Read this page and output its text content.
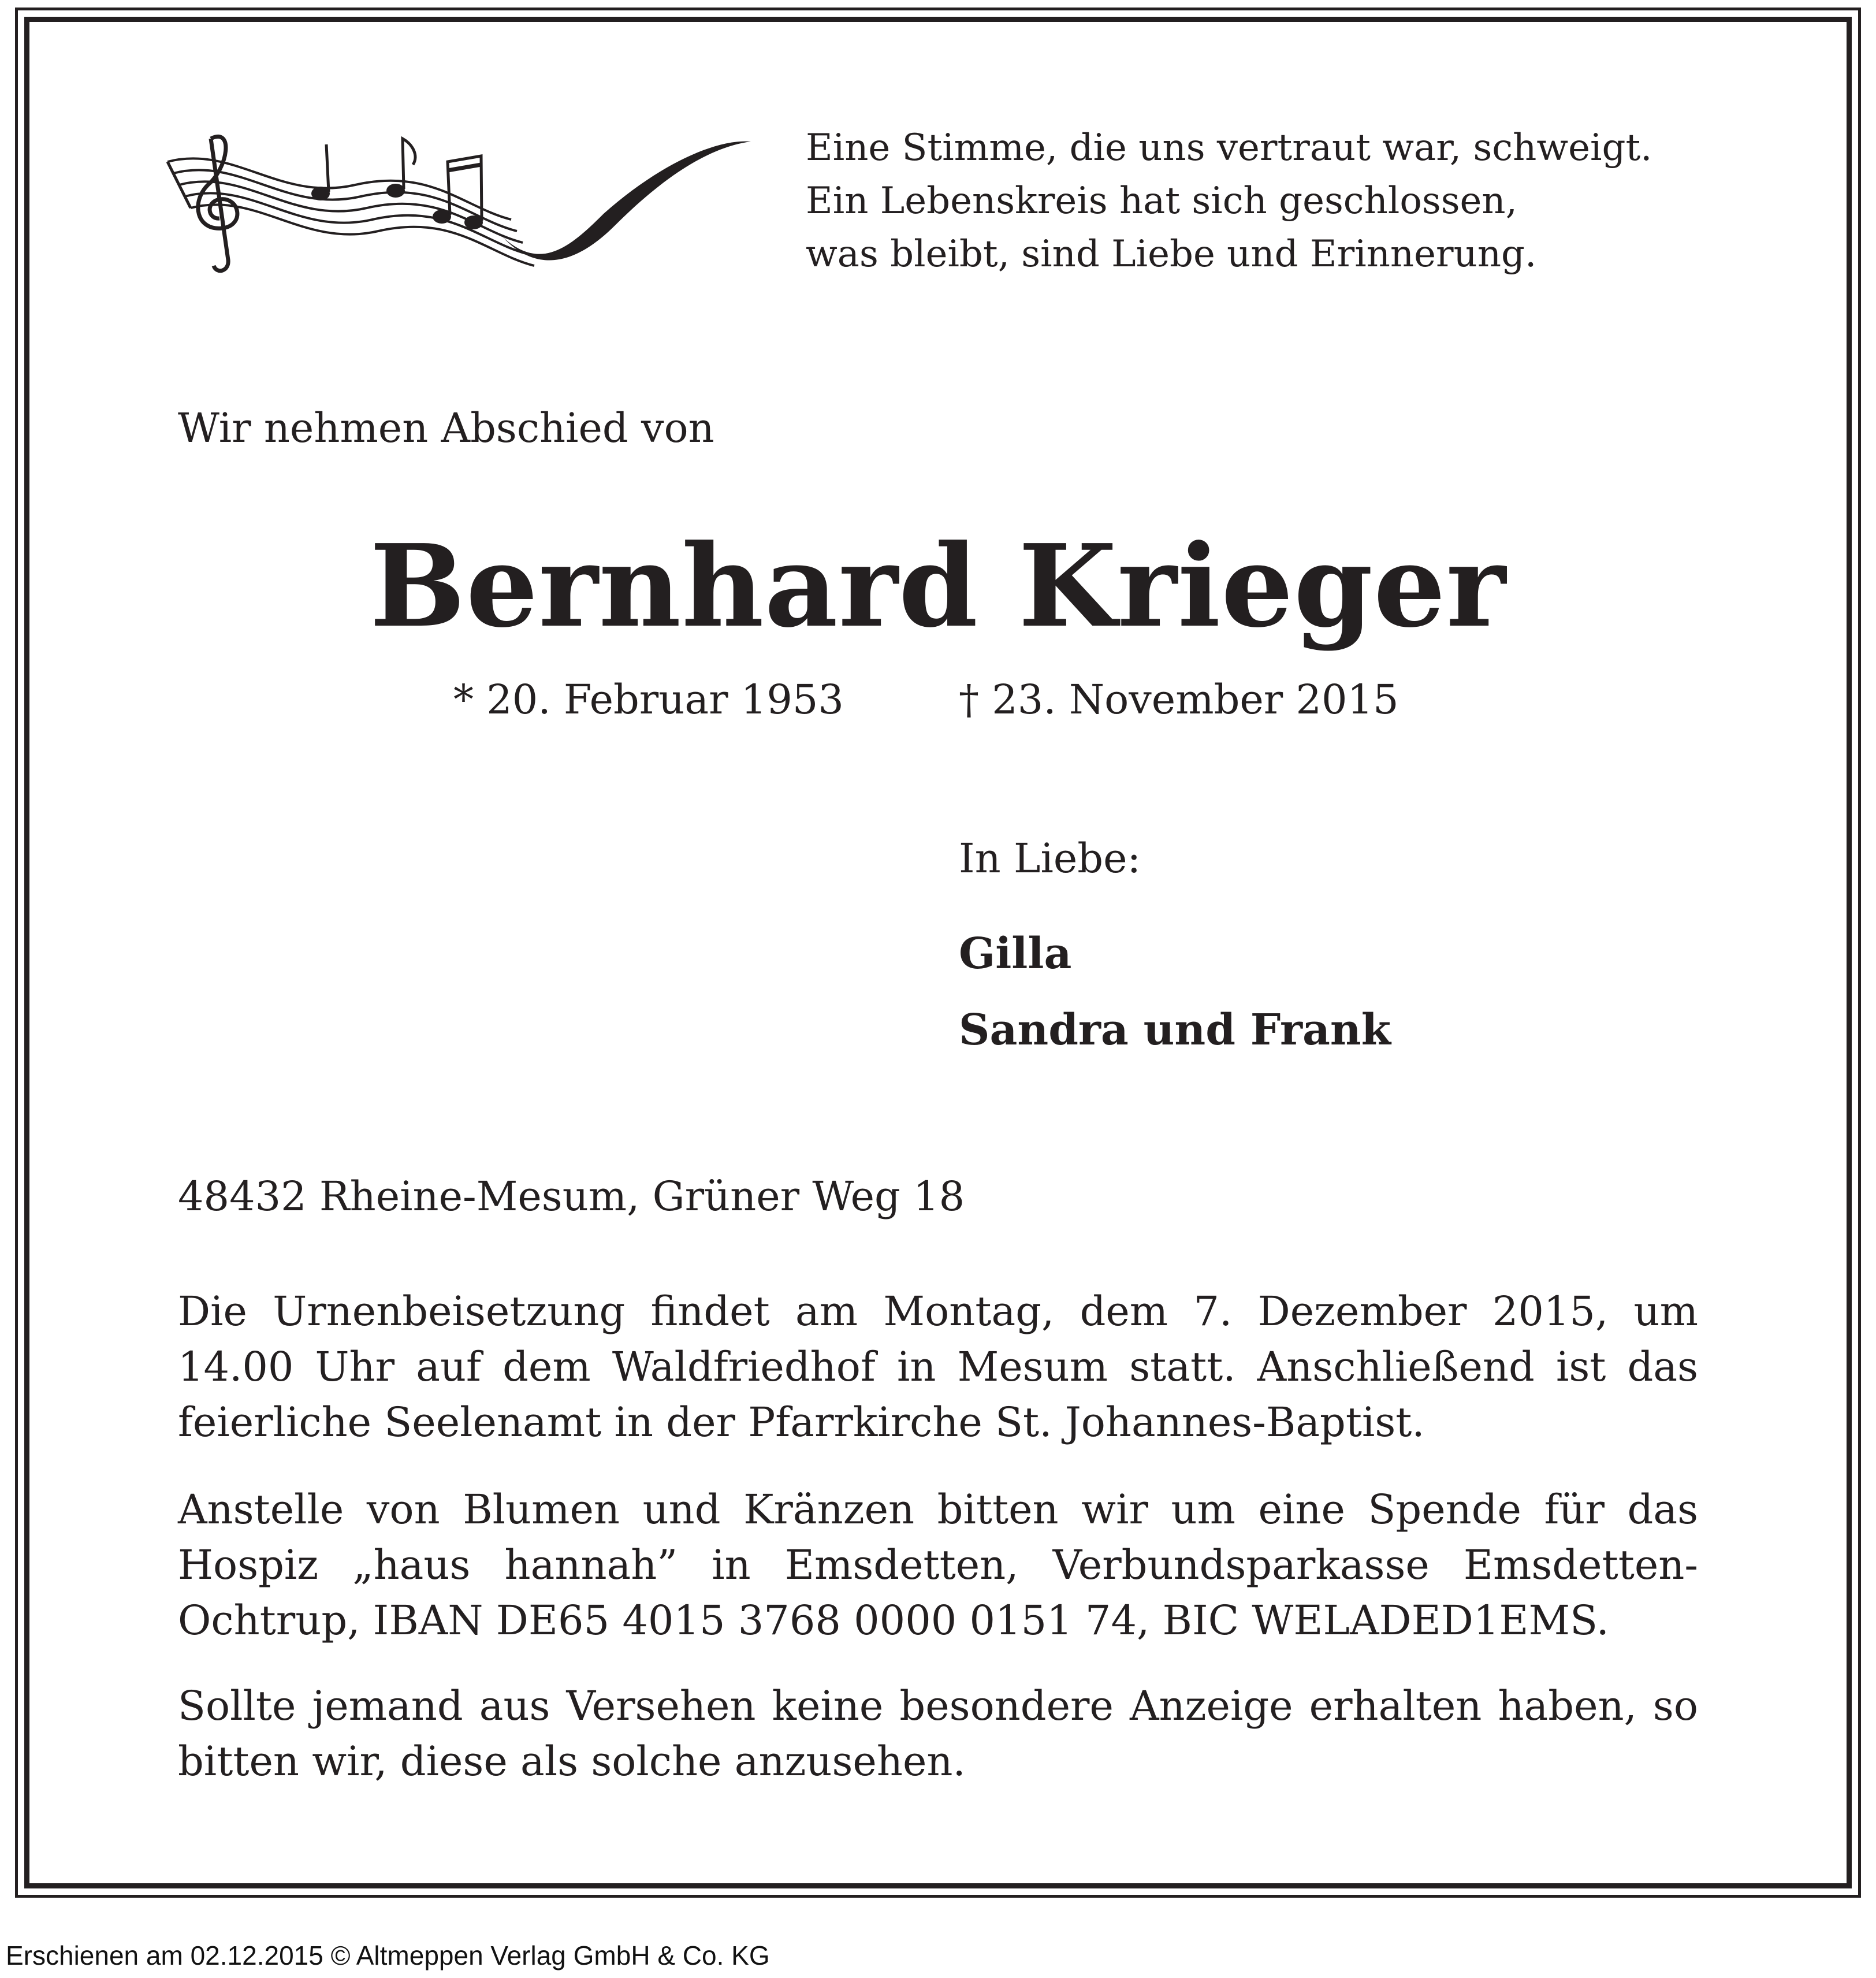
Eine Stimme, die uns vertraut war, schweigt.
Ein Lebenskreis hat sich geschlossen,
was bleibt, sind Liebe und Erinnerung.
Wir nehmen Abschied von
Bernhard Krieger
* 20. Februar 1953	† 23. November 2015
In Liebe:
Gilla
Sandra und Frank
48432 Rheine-Mesum, Grüner Weg 18
Die Urnenbeisetzung findet am Montag, dem 7. Dezember 2015, um 14.00 Uhr auf dem Waldfriedhof in Mesum statt. Anschließend ist das feierliche Seelenamt in der Pfarrkirche St. Johannes-Baptist.
Anstelle von Blumen und Kränzen bitten wir um eine Spende für das Hospiz „haus hannah” in Emsdetten, Verbundsparkasse Emsdetten-Ochtrup, IBAN DE65 4015 3768 0000 0151 74, BIC WELADED1EMS.
Sollte jemand aus Versehen keine besondere Anzeige erhalten haben, so bitten wir, diese als solche anzusehen.
Erschienen am 02.12.2015 © Altmeppen Verlag GmbH & Co. KG
